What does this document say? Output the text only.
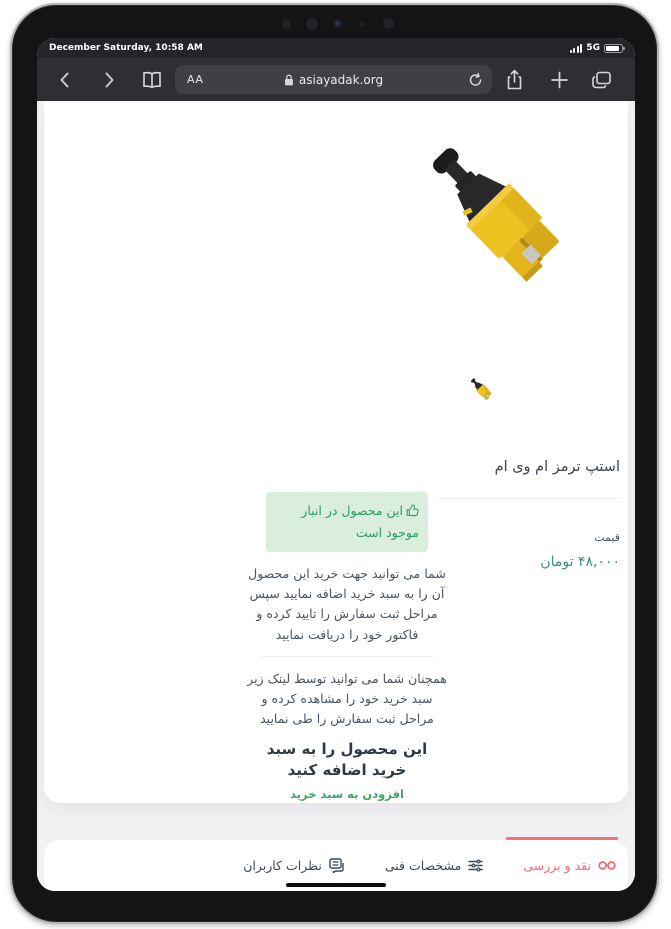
December Saturday, 10:58 AM	5G
AA	asiayadak.org
استپ ترمز ام وی ام
قیمت
۴۸,۰۰۰ تومان
این محصول در انبار موجود است

شما می توانید جهت خرید این محصول آن را به سبد خرید اضافه نمایید سپس مراحل ثبت سفارش را تایید کرده و فاکتور خود را دریافت نمایید

همچنان شما می توانید توسط لینک زیر سبد خرید خود را مشاهده کرده و مراحل ثبت سفارش را طی نمایید

این محصول را به سبد خرید اضافه کنید
افزودن به سبد خرید
نقد و بررسی
مشخصات فنی
نظرات کاربران
